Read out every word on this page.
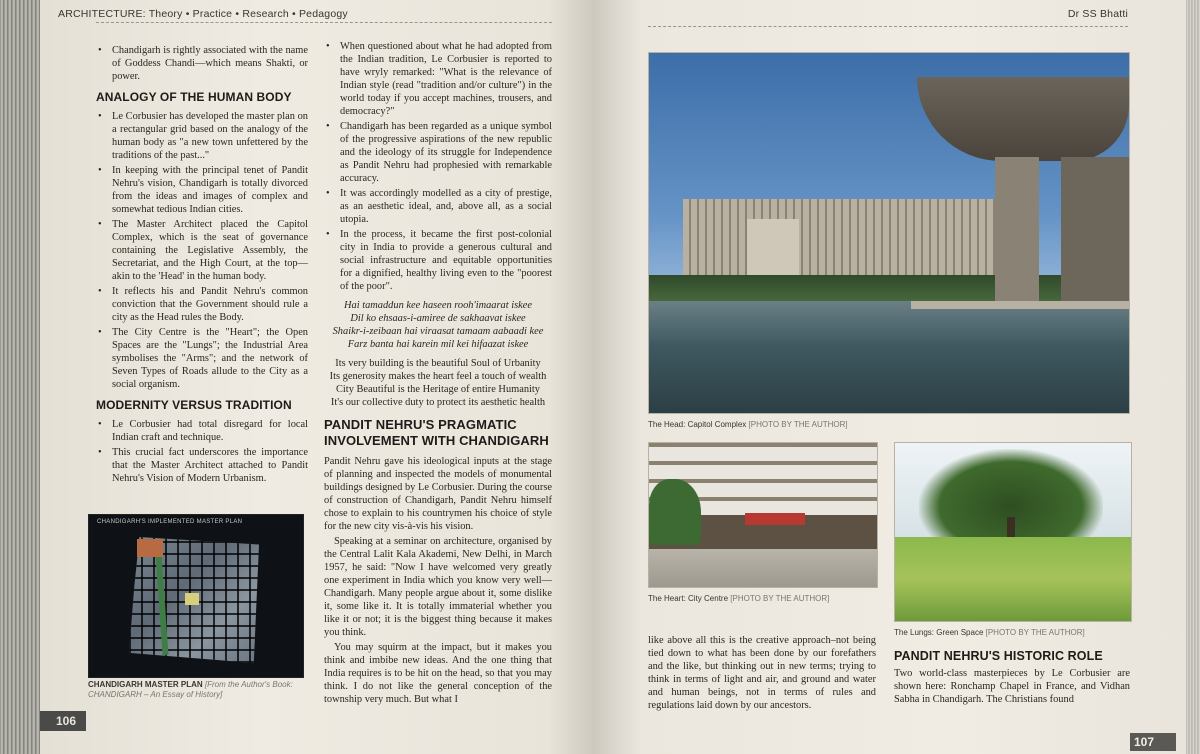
ARCHITECTURE: Theory • Practice • Research • Pedagogy
• Chandigarh is rightly associated with the name of Goddess Chandi—which means Shakti, or power.
ANALOGY OF THE HUMAN BODY
• Le Corbusier has developed the master plan on a rectangular grid based on the analogy of the human body as "a new town unfettered by the traditions of the past..."
• In keeping with the principal tenet of Pandit Nehru's vision, Chandigarh is totally divorced from the ideas and images of complex and somewhat tedious Indian cities.
• The Master Architect placed the Capitol Complex, which is the seat of governance containing the Legislative Assembly, the Secretariat, and the High Court, at the top—akin to the 'Head' in the human body.
• It reflects his and Pandit Nehru's common conviction that the Government should rule a city as the Head rules the Body.
• The City Centre is the "Heart"; the Open Spaces are the "Lungs"; the Industrial Area symbolises the "Arms"; and the network of Seven Types of Roads allude to the City as a social organism.
MODERNITY VERSUS TRADITION
• Le Corbusier had total disregard for local Indian craft and technique.
• This crucial fact underscores the importance that the Master Architect attached to Pandit Nehru's Vision of Modern Urbanism.
CHANDIGARH'S IMPLEMENTED MASTER PLAN
CHANDIGARH MASTER PLAN [From the Author's Book: CHANDIGARH – An Essay of History]
• When questioned about what he had adopted from the Indian tradition, Le Corbusier is reported to have wryly remarked: "What is the relevance of Indian style (read "tradition and/or culture") in the world today if you accept machines, trousers, and democracy?"
• Chandigarh has been regarded as a unique symbol of the progressive aspirations of the new republic and the ideology of its struggle for Independence as Pandit Nehru had prophesied with remarkable accuracy.
• It was accordingly modelled as a city of prestige, as an aesthetic ideal, and, above all, as a social utopia.
• In the process, it became the first post-colonial city in India to provide a generous cultural and social infrastructure and equitable opportunities for a dignified, healthy living even to the "poorest of the poor".
Hai tamaddun kee haseen rooh'imaarat iskee
Dil ko ehsaas-i-amiree de sakhaavat iskee
Shaikr-i-zeibaan hai viraasat tamaam aabaadi kee
Farz banta hai karein mil kei hifaazat iskee
Its very building is the beautiful Soul of Urbanity
Its generosity makes the heart feel a touch of wealth
City Beautiful is the Heritage of entire Humanity
It's our collective duty to protect its aesthetic health
PANDIT NEHRU'S PRAGMATIC INVOLVEMENT WITH CHANDIGARH

Pandit Nehru gave his ideological inputs at the stage of planning and inspected the models of monumental buildings designed by Le Corbusier. During the course of construction of Chandigarh, Pandit Nehru himself chose to explain to his countrymen his choice of style for the new city vis-à-vis his vision.

Speaking at a seminar on architecture, organised by the Central Lalit Kala Akademi, New Delhi, in March 1957, he said: "Now I have welcomed very greatly one experiment in India which you know very well—Chandigarh. Many people argue about it, some dislike it, some like it. It is totally immaterial whether you like it or not; it is the biggest thing because it makes you think.

You may squirm at the impact, but it makes you think and imbibe new ideas. And the one thing that India requires is to be hit on the head, so that you may think. I do not like the general conception of the township very much. But what I

106
Dr SS Bhatti
The Head: Capitol Complex [PHOTO BY THE AUTHOR]
The Heart: City Centre [PHOTO BY THE AUTHOR]
The Lungs: Green Space [PHOTO BY THE AUTHOR]

like above all this is the creative approach–not being tied down to what has been done by our forefathers and the like, but thinking out in new terms; trying to think in terms of light and air, and ground and water and human beings, not in terms of rules and regulations laid down by our ancestors.

PANDIT NEHRU'S HISTORIC ROLE

Two world-class masterpieces by Le Corbusier are shown here: Ronchamp Chapel in France, and Vidhan Sabha in Chandigarh. The Christians found

107
